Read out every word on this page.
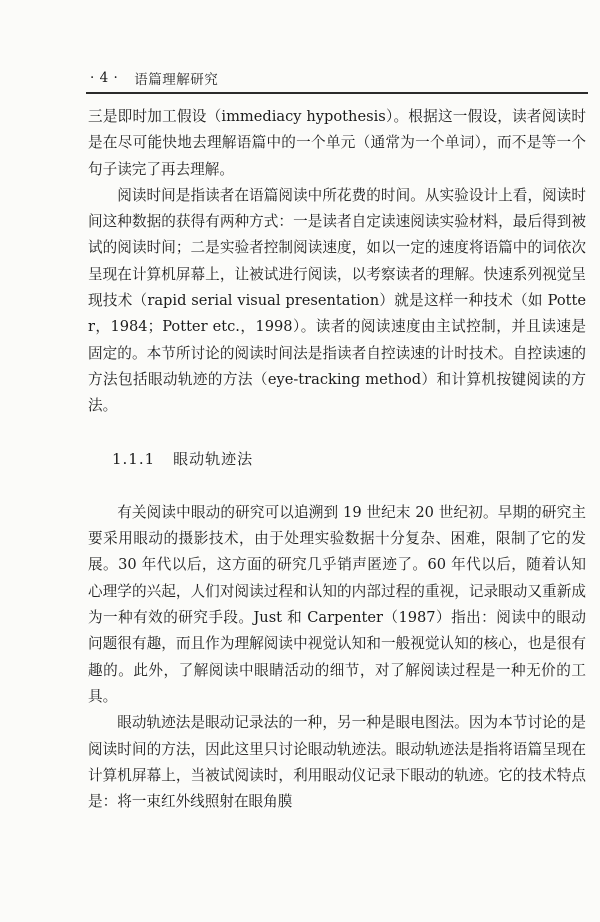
· 4 · 语篇理解研究

三是即时加工假设（immediacy hypothesis）。根据这一假设，读者阅读时是在尽可能快地去理解语篇中的一个单元（通常为一个单词），而不是等一个句子读完了再去理解。

阅读时间是指读者在语篇阅读中所花费的时间。从实验设计上看，阅读时间这种数据的获得有两种方式：一是读者自定读速阅读实验材料，最后得到被试的阅读时间；二是实验者控制阅读速度，如以一定的速度将语篇中的词依次呈现在计算机屏幕上，让被试进行阅读，以考察读者的理解。快速系列视觉呈现技术（rapid serial visual presentation）就是这样一种技术（如 Potter，1984；Potter etc.，1998）。读者的阅读速度由主试控制，并且读速是固定的。本节所讨论的阅读时间法是指读者自控读速的计时技术。自控读速的方法包括眼动轨迹的方法（eye-tracking method）和计算机按键阅读的方法。

1.1.1 眼动轨迹法

有关阅读中眼动的研究可以追溯到 19 世纪末 20 世纪初。早期的研究主要采用眼动的摄影技术，由于处理实验数据十分复杂、困难，限制了它的发展。30 年代以后，这方面的研究几乎销声匿迹了。60 年代以后，随着认知心理学的兴起，人们对阅读过程和认知的内部过程的重视，记录眼动又重新成为一种有效的研究手段。Just 和 Carpenter（1987）指出：阅读中的眼动问题很有趣，而且作为理解阅读中视觉认知和一般视觉认知的核心，也是很有趣的。此外，了解阅读中眼睛活动的细节，对了解阅读过程是一种无价的工具。

眼动轨迹法是眼动记录法的一种，另一种是眼电图法。因为本节讨论的是阅读时间的方法，因此这里只讨论眼动轨迹法。眼动轨迹法是指将语篇呈现在计算机屏幕上，当被试阅读时，利用眼动仪记录下眼动的轨迹。它的技术特点是：将一束红外线照射在眼角膜
